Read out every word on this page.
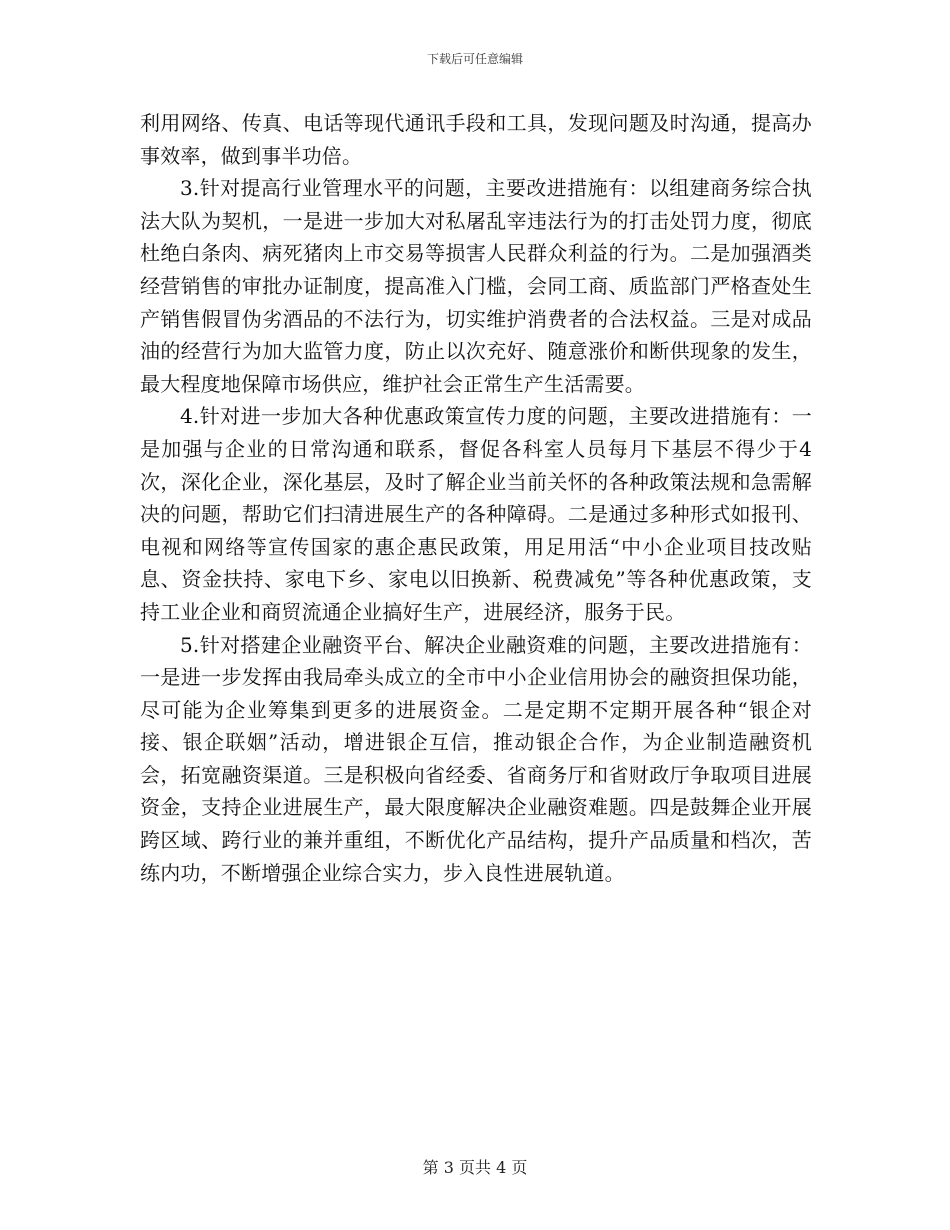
下载后可任意编辑

利用网络、传真、电话等现代通讯手段和工具，发现问题及时沟通，提高办事效率，做到事半功倍。

3.针对提高行业管理水平的问题，主要改进措施有：以组建商务综合执法大队为契机，一是进一步加大对私屠乱宰违法行为的打击处罚力度，彻底杜绝白条肉、病死猪肉上市交易等损害人民群众利益的行为。二是加强酒类经营销售的审批办证制度，提高准入门槛，会同工商、质监部门严格查处生产销售假冒伪劣酒品的不法行为，切实维护消费者的合法权益。三是对成品油的经营行为加大监管力度，防止以次充好、随意涨价和断供现象的发生，最大程度地保障市场供应，维护社会正常生产生活需要。

4.针对进一步加大各种优惠政策宣传力度的问题，主要改进措施有：一是加强与企业的日常沟通和联系，督促各科室人员每月下基层不得少于4次，深化企业，深化基层，及时了解企业当前关怀的各种政策法规和急需解决的问题，帮助它们扫清进展生产的各种障碍。二是通过多种形式如报刊、电视和网络等宣传国家的惠企惠民政策，用足用活“中小企业项目技改贴息、资金扶持、家电下乡、家电以旧换新、税费减免”等各种优惠政策，支持工业企业和商贸流通企业搞好生产，进展经济，服务于民。

5.针对搭建企业融资平台、解决企业融资难的问题，主要改进措施有：一是进一步发挥由我局牵头成立的全市中小企业信用协会的融资担保功能，尽可能为企业筹集到更多的进展资金。二是定期不定期开展各种“银企对接、银企联姻”活动，增进银企互信，推动银企合作，为企业制造融资机会，拓宽融资渠道。三是积极向省经委、省商务厅和省财政厅争取项目进展资金，支持企业进展生产，最大限度解决企业融资难题。四是鼓舞企业开展跨区域、跨行业的兼并重组，不断优化产品结构，提升产品质量和档次，苦练内功，不断增强企业综合实力，步入良性进展轨道。

第 3 页共 4 页
